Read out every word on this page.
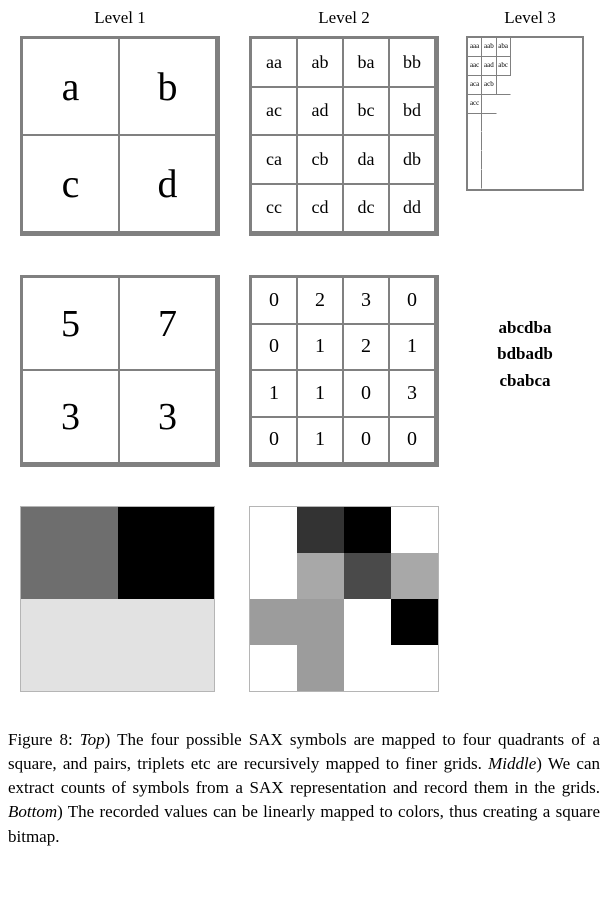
Level 1	Level 2	Level 3
a	b
c	d
aa	ab	ba	bb
ac	ad	bc	bd
ca	cb	da	db
cc	cd	dc	dd
aaa aab aba
aac aad abc
aca acb
acc
5	7
3	3
0	2	3	0
0	1	2	1
1	1	0	3
0	1	0	0
abcdba
bdbadb
cbabca
Figure 8: Top) The four possible SAX symbols are mapped to four quadrants of a square, and pairs, triplets etc are recursively mapped to finer grids. Middle) We can extract counts of symbols from a SAX representation and record them in the grids. Bottom) The recorded values can be linearly mapped to colors, thus creating a square bitmap.
